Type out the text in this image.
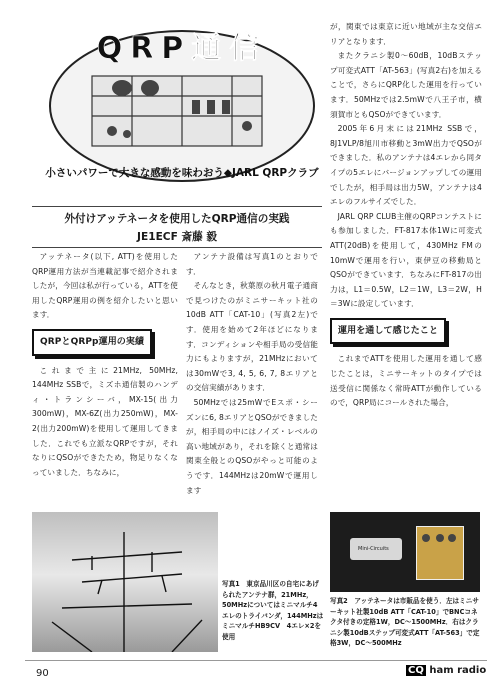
QRP通信
小さいパワーで大きな感動を味わおう◆JARL QRPクラブ
外付けアッテネータを使用したQRP通信の実践
JE1ECF 斎藤 毅

アッテネータ(以下, ATT)を使用したQRP運用方法が当連載記事で紹介されましたが，今回は私が行っている，ATTを使用したQRP運用の例を紹介したいと思います．

QRPとQRPp運用の実績

これまで主に21MHz, 50MHz, 144MHz SSBで，ミズホ通信製のハンディ・トランシーバ，MX-15(出力300mW)，MX-6Z(出力250mW)，MX-2(出力200mW)を使用して運用してきました．これでも立派なQRPですが，それなりにQSOができたため，物足りなくなっていました．ちなみに，

アンテナ設備は写真1のとおりです．

そんなとき，秋葉原の秋月電子通商で見つけたのがミニサーキット社の10dB ATT「CAT-10」(写真2左)です．使用を始めて2年ほどになります．コンディションや相手局の受信能力にもよりますが，21MHzにおいては30mWで3, 4, 5, 6, 7, 8エリアとの交信実績があります．

50MHzでは25mWでEスポ・シーズンに6, 8エリアとQSOができましたが，相手局の中にはノイズ・レベルの高い地域があり，それを除くと通常は関東全般とのQSOがやっと可能のようです．144MHzは20mWで運用します

が，関東では東京に近い地域が主な交信エリアとなります．

またクラニシ製0～60dB，10dBステップ可変式ATT「AT-563」(写真2右)を加えることで，さらにQRP化した運用を行っています．50MHzでは2.5mWで八王子市，横須賀市ともQSOができています．

2005年6月末には21MHz SSBで，8J1VLP/8旭川市移動と3mW出力でQSOができました．私のアンテナは4エレから同タイプの5エレにバージョンアップしての運用でしたが，相手局は出力5W，アンテナは4エレのフルサイズでした．

JARL QRP CLUB主催のQRPコンテストにも参加しました．FT-817本体1Wに可変式ATT(20dB)を使用して，430MHz FMの10mWで運用を行い，東伊豆の移動局とQSOができています．ちなみにFT-817の出力は，L1＝0.5W，L2＝1W，L3＝2W，H＝3Wに設定しています．

運用を通して感じたこと

これまでATTを使用した運用を通して感じたことは，ミニサーキットのタイプでは送受信に関係なく常時ATTが動作しているので，QRP局にコールされた場合，

写真1　東京品川区の自宅にあげられたアンテナ群，21MHz，50MHzについてはミニマルチ4エレのトライバンダ，144MHzはミニマルチHB9CV　4エレ×2を使用
Mini-Circuits
写真2　アッテネータは市販品を使う．左はミニサーキット社製10dB ATT「CAT-10」でBNCコネクタ付きの定格1W，DC～1500MHz．右はクラニシ製10dBステップ可変式ATT「AT-563」で定格3W，DC～500MHz
90	CQ ham radio
